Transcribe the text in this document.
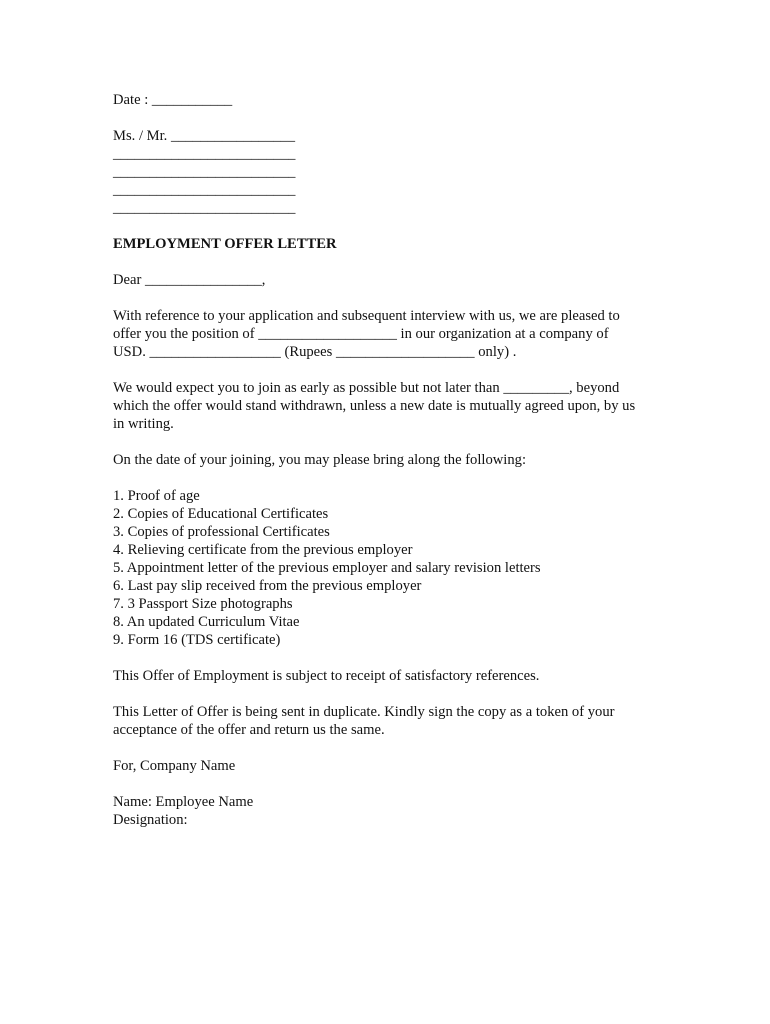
Date : ___________
Ms. / Mr. _________________
_________________________
_________________________
_________________________
_________________________
EMPLOYMENT OFFER LETTER
Dear ________________,
With reference to your application and subsequent interview with us, we are pleased to
offer you the position of ___________________ in our organization at a company of
USD. __________________ (Rupees ___________________ only) .
We would expect you to join as early as possible but not later than _________, beyond
which the offer would stand withdrawn, unless a new date is mutually agreed upon, by us
in writing.
On the date of your joining, you may please bring along the following:
1. Proof of age
2. Copies of Educational Certificates
3. Copies of professional Certificates
4. Relieving certificate from the previous employer
5. Appointment letter of the previous employer and salary revision letters
6. Last pay slip received from the previous employer
7. 3 Passport Size photographs
8. An updated Curriculum Vitae
9. Form 16 (TDS certificate)
This Offer of Employment is subject to receipt of satisfactory references.
This Letter of Offer is being sent in duplicate. Kindly sign the copy as a token of your
acceptance of the offer and return us the same.
For, Company Name
Name: Employee Name
Designation:
